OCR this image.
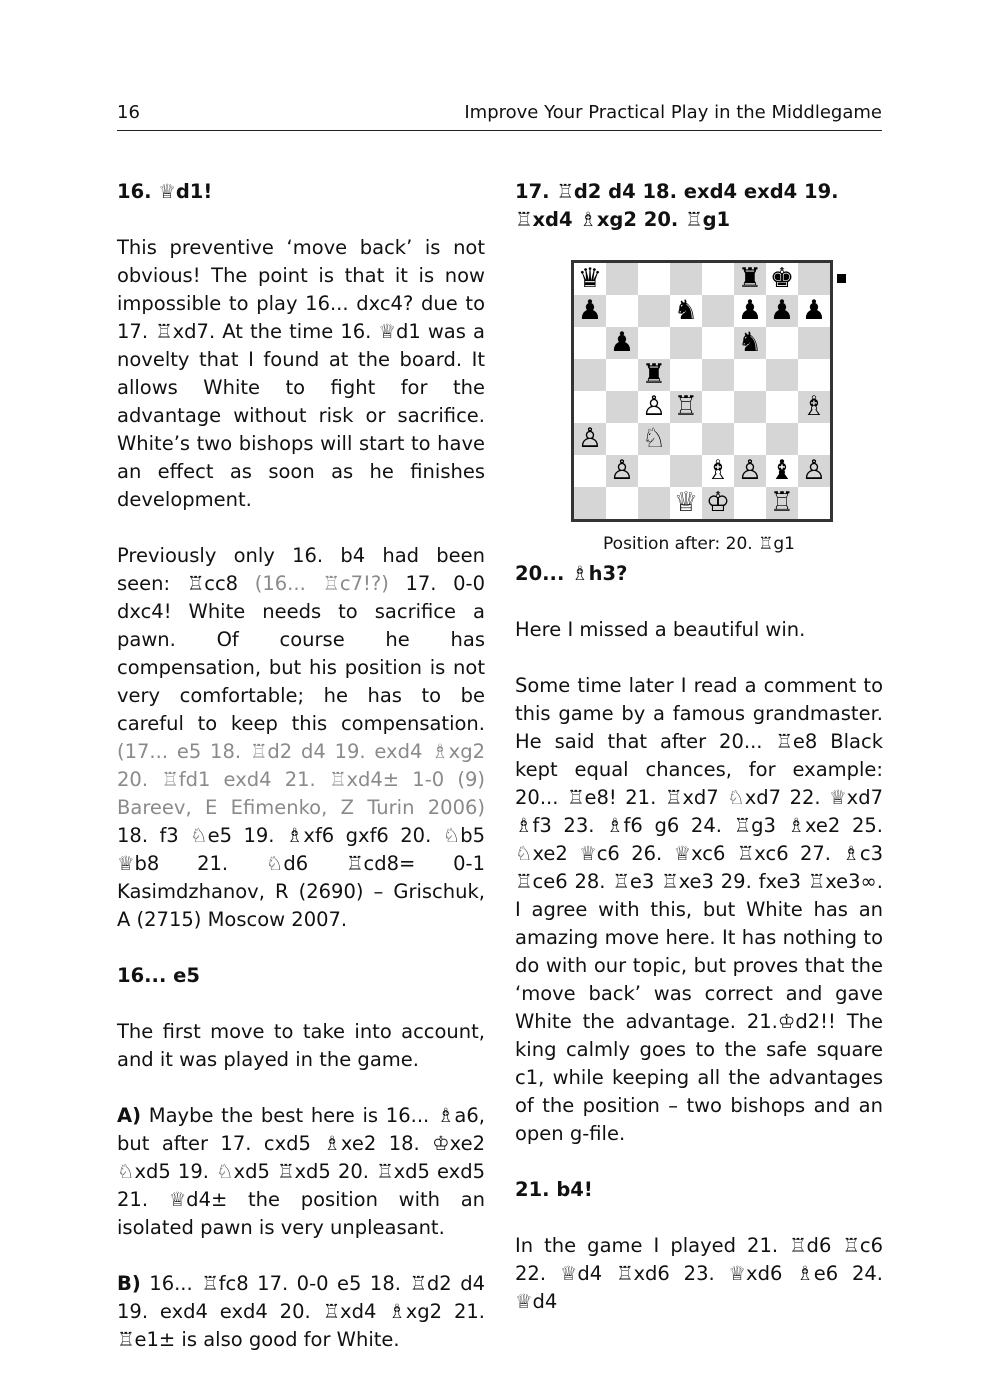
16	Improve Your Practical Play in the Middlegame

16. ♕d1!

This preventive ‘move back’ is not obvious! The point is that it is now impossible to play 16... dxc4? due to 17. ♖xd7. At the time 16. ♕d1 was a novelty that I found at the board. It allows White to fight for the advantage without risk or sacrifice. White’s two bishops will start to have an effect as soon as he finishes development.

Previously only 16. b4 had been seen: ♖cc8 (16... ♖c7!?) 17. 0-0 dxc4! White needs to sacrifice a pawn. Of course he has compensation, but his position is not very comfortable; he has to be careful to keep this compensation. (17... e5 18. ♖d2 d4 19. exd4 ♗xg2 20. ♖fd1 exd4 21. ♖xd4± 1-0 (9) Bareev, E Efimenko, Z Turin 2006) 18. f3 ♘e5 19. ♗xf6 gxf6 20. ♘b5 ♕b8 21. ♘d6 ♖cd8= 0-1 Kasimdzhanov, R (2690) – Grischuk, A (2715) Moscow 2007.

16... e5

The first move to take into account, and it was played in the game.

A) Maybe the best here is 16... ♗a6, but after 17. cxd5 ♗xe2 18. ♔xe2 ♘xd5 19. ♘xd5 ♖xd5 20. ♖xd5 exd5 21. ♕d4± the position with an isolated pawn is very unpleasant.

B) 16... ♖fc8 17. 0-0 e5 18. ♖d2 d4 19. exd4 exd4 20. ♖xd4 ♗xg2 21. ♖e1± is also good for White.

17. ♖d2 d4 18. exd4 exd4 19. ♖xd4 ♗xg2 20. ♖g1

♛	♜ ♚
♟	♞ ♟ ♟ ♟
♟	♞
♜
♙ ♖	♗
♙ ♘
♙	♗ ♙ ♝ ♙
♕ ♔ ♖
Position after: 20. ♖g1

20... ♗h3?

Here I missed a beautiful win.

Some time later I read a comment to this game by a famous grandmaster. He said that after 20... ♖e8 Black kept equal chances, for example: 20... ♖e8! 21. ♖xd7 ♘xd7 22. ♕xd7 ♗f3 23. ♗f6 g6 24. ♖g3 ♗xe2 25. ♘xe2 ♕c6 26. ♕xc6 ♖xc6 27. ♗c3 ♖ce6 28. ♖e3 ♖xe3 29. fxe3 ♖xe3∞. I agree with this, but White has an amazing move here. It has nothing to do with our topic, but proves that the ‘move back’ was correct and gave White the advantage. 21.♔d2!! The king calmly goes to the safe square c1, while keeping all the advantages of the position – two bishops and an open g-file.

21. b4!

In the game I played 21. ♖d6 ♖c6 22. ♕d4 ♖xd6 23. ♕xd6 ♗e6 24. ♕d4
